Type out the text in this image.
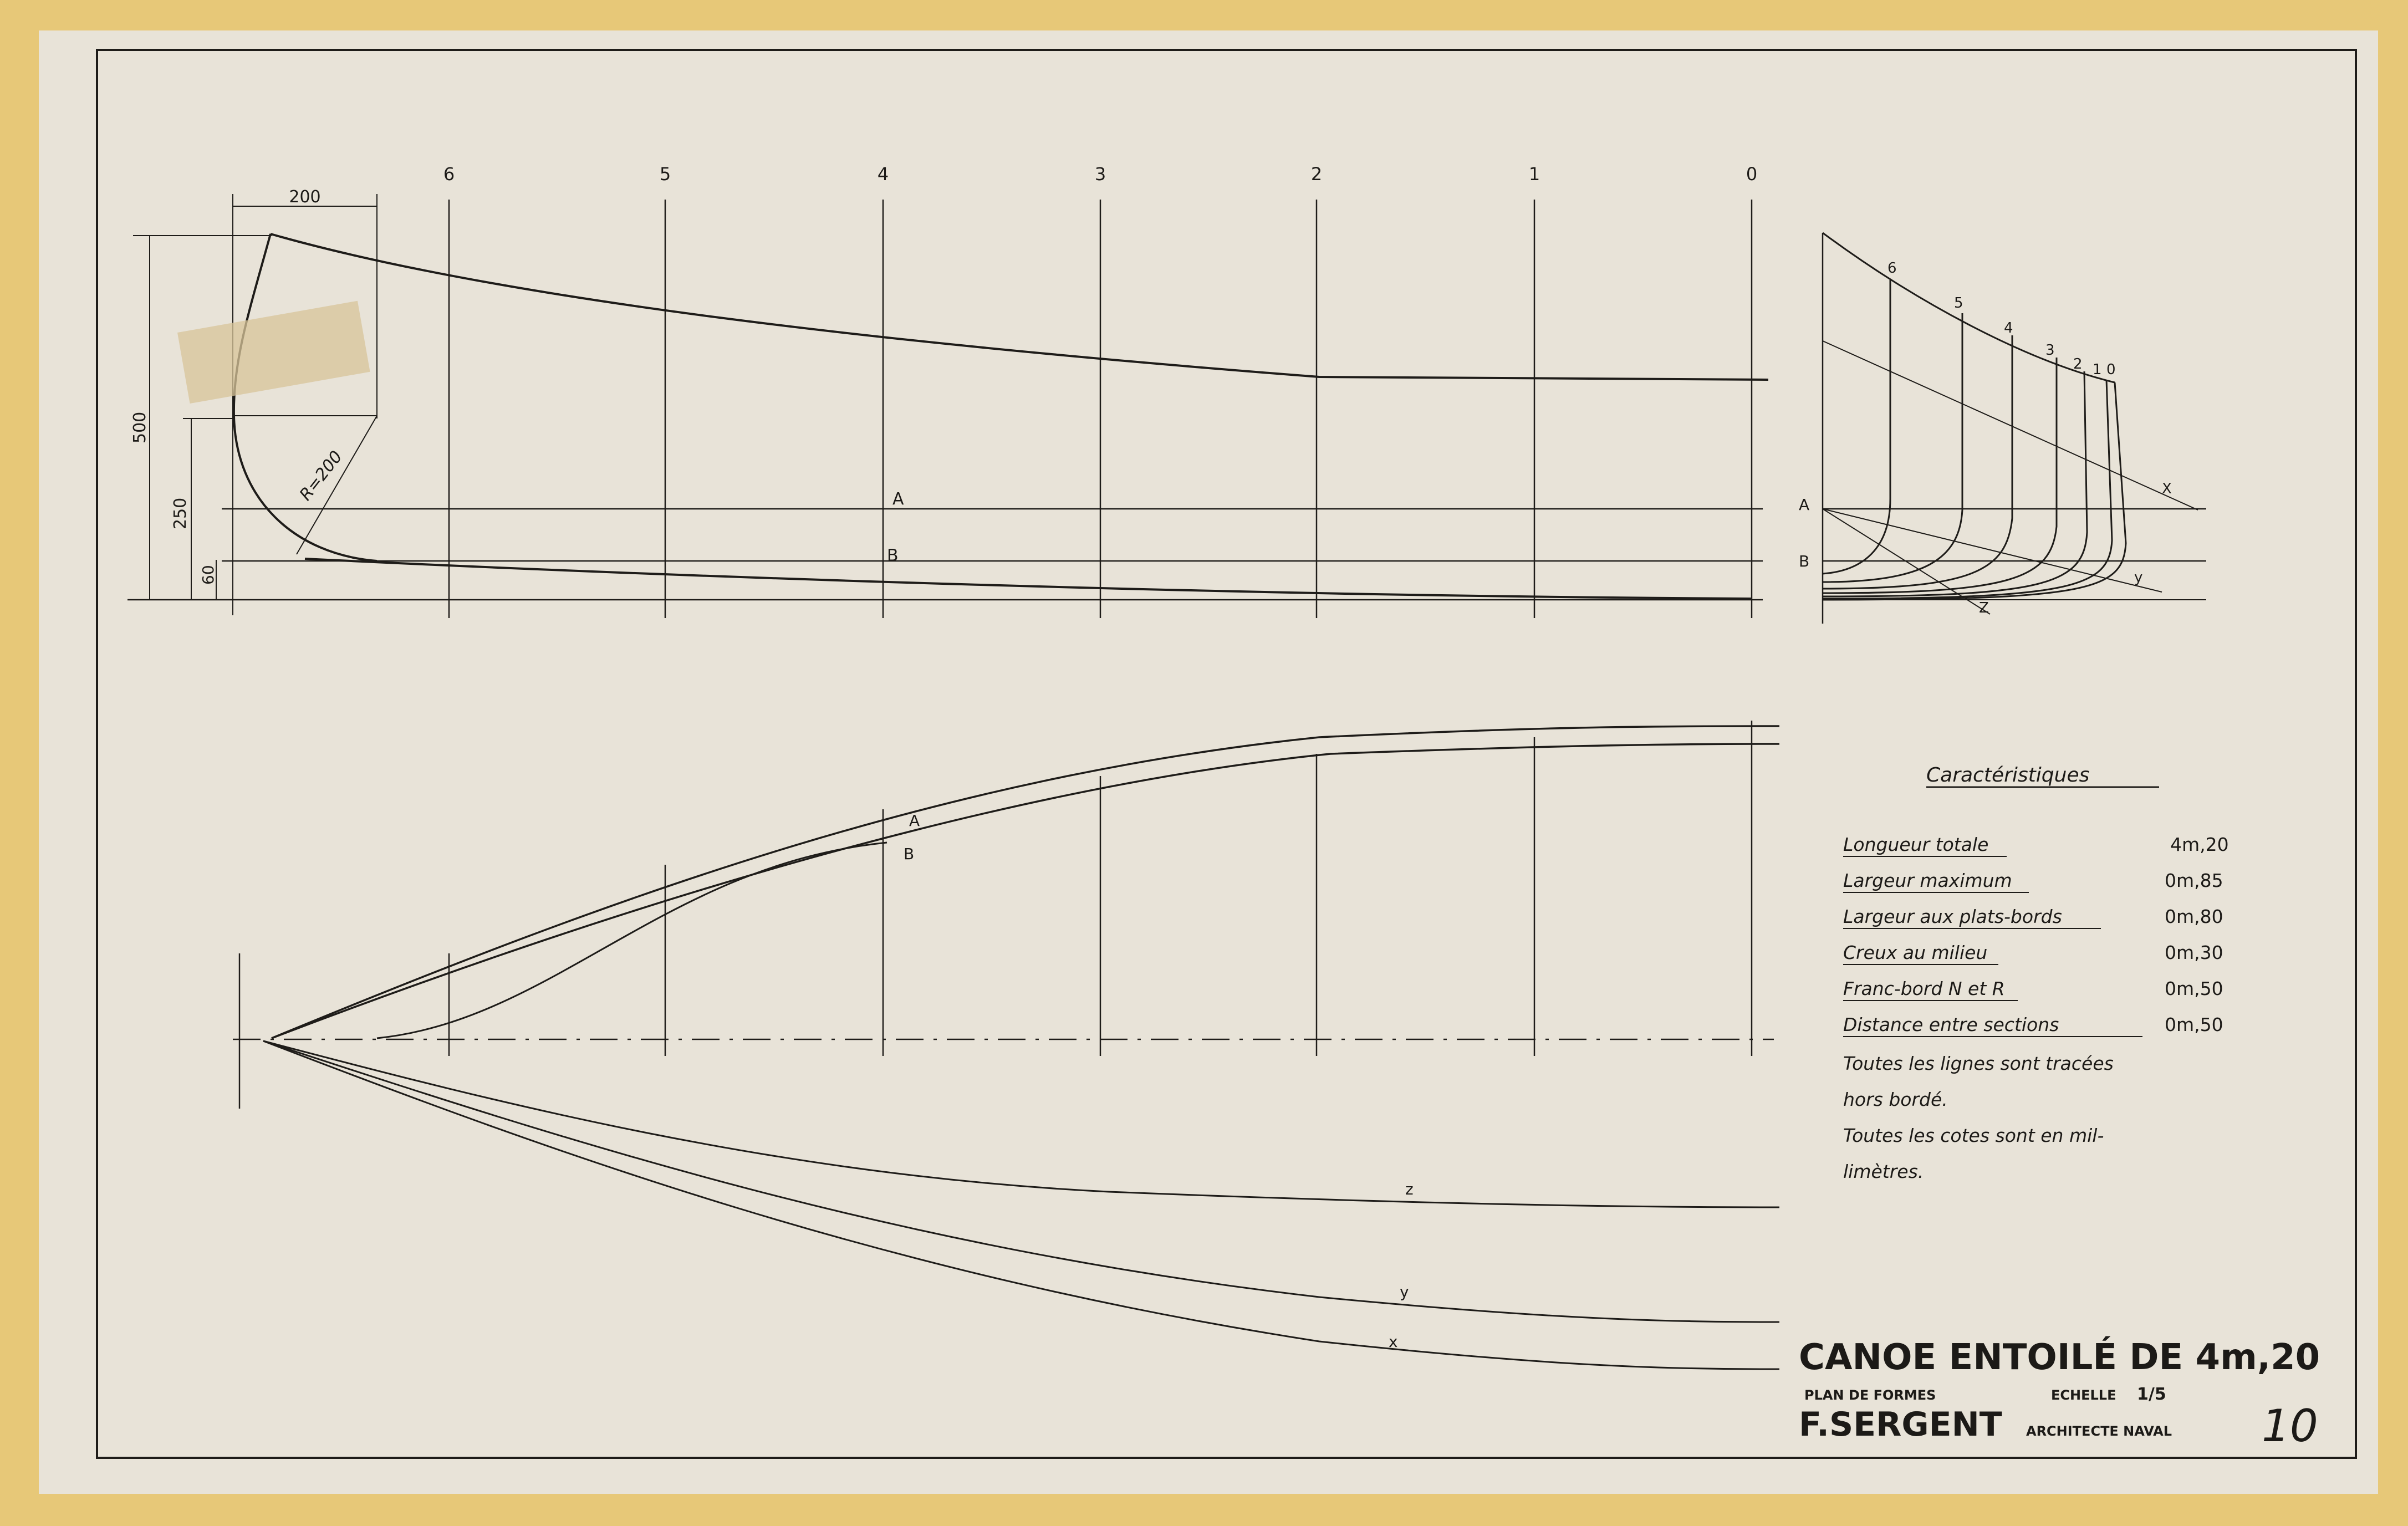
6	5	4	3	2	1	0
A
B
R=200
200
500
250
60
A
B
6
5
4
3
2 1 0
X
y
Z
A
B
z
y
x
Caractéristiques
Longueur totale	4m,20
Largeur maximum	0m,85
Largeur aux plats-bords	0m,80
Creux au milieu	0m,30
Franc-bord N et R	0m,50
Distance entre sections	0m,50
Toutes les lignes sont tracées
hors bordé.
Toutes les cotes sont en mil-
limètres.
CANOE ENTOILÉ DE 4m,20
PLAN DE FORMES	ECHELLE 1/5
F.SERGENT ARCHITECTE NAVAL 10
